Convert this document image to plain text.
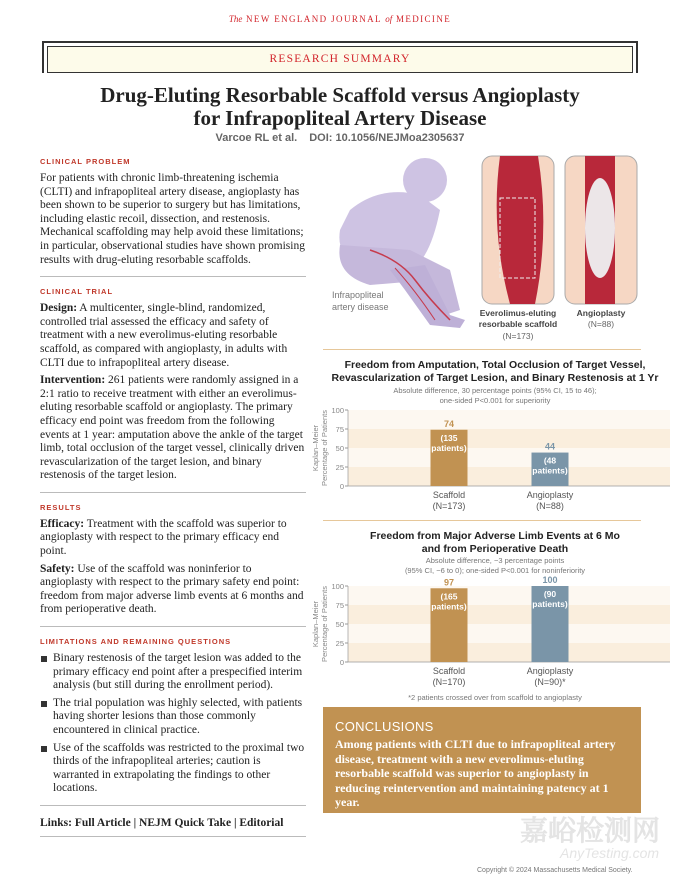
The NEW ENGLAND JOURNAL of MEDICINE
RESEARCH SUMMARY
Drug-Eluting Resorbable Scaffold versus Angioplasty
for Infrapopliteal Artery Disease
Varcoe RL et al. DOI: 10.1056/NEJMoa2305637
CLINICAL PROBLEM
For patients with chronic limb-threatening ischemia (CLTI) and infrapopliteal artery disease, angioplasty has been shown to be superior to surgery but has limitations, including elastic recoil, dissection, and restenosis. Mechanical scaffolding may help avoid these limitations; in particular, observational studies have shown promising results with drug-eluting resorbable scaffolds.
CLINICAL TRIAL
Design: A multicenter, single-blind, randomized, controlled trial assessed the efficacy and safety of treatment with a new everolimus-eluting resorbable scaffold, as compared with angioplasty, in adults with CLTI due to infrapopliteal artery disease.
Intervention: 261 patients were randomly assigned in a 2:1 ratio to receive treatment with either an everolimus-eluting resorbable scaffold or angioplasty. The primary efficacy end point was freedom from the following events at 1 year: amputation above the ankle of the target limb, total occlusion of the target vessel, clinically driven revascularization of the target lesion, and binary restenosis of the target lesion.
RESULTS
Efficacy: Treatment with the scaffold was superior to angioplasty with respect to the primary efficacy end point.
Safety: Use of the scaffold was noninferior to angioplasty with respect to the primary safety end point: freedom from major adverse limb events at 6 months and from perioperative death.
LIMITATIONS AND REMAINING QUESTIONS
Binary restenosis of the target lesion was added to the primary efficacy end point after a prespecified interim analysis (but still during the enrollment period).
The trial population was highly selected, with patients having shorter lesions than those commonly encountered in clinical practice.
Use of the scaffolds was restricted to the proximal two thirds of the infrapopliteal arteries; caution is warranted in extrapolating the findings to other locations.
Links: Full Article | NEJM Quick Take | Editorial
Infrapopliteal
artery disease
Everolimus-eluting
resorbable scaffold
(N=173)
Angioplasty
(N=88)
Freedom from Amputation, Total Occlusion of Target Vessel,
Revascularization of Target Lesion, and Binary Restenosis at 1 Yr
Absolute difference, 30 percentage points (95% CI, 15 to 46);
one-sided P<0.001 for superiority
0
25
50
75
100
Kaplan–Meier Percentage of Patients	74
(135
patients)
Scaffold
(N=173)
44
(48
patients)
Angioplasty
(N=88)
Freedom from Major Adverse Limb Events at 6 Mo
and from Perioperative Death
Absolute difference, −3 percentage points
(95% CI, −6 to 0); one-sided P<0.001 for noninferiority
0
25
50
75
100
Kaplan–Meier Percentage of Patients
97
(165
patients)
Scaffold
(N=170)
100
(90
patients)
Angioplasty
(N=90)*
*2 patients crossed over from scaffold to angioplasty
CONCLUSIONS

Among patients with CLTI due to infrapopliteal artery disease, treatment with a new everolimus-eluting resorbable scaffold was superior to angioplasty in reducing reintervention and maintaining patency at 1 year.

嘉峪检测网
AnyTesting.com
Copyright © 2024 Massachusetts Medical Society.
